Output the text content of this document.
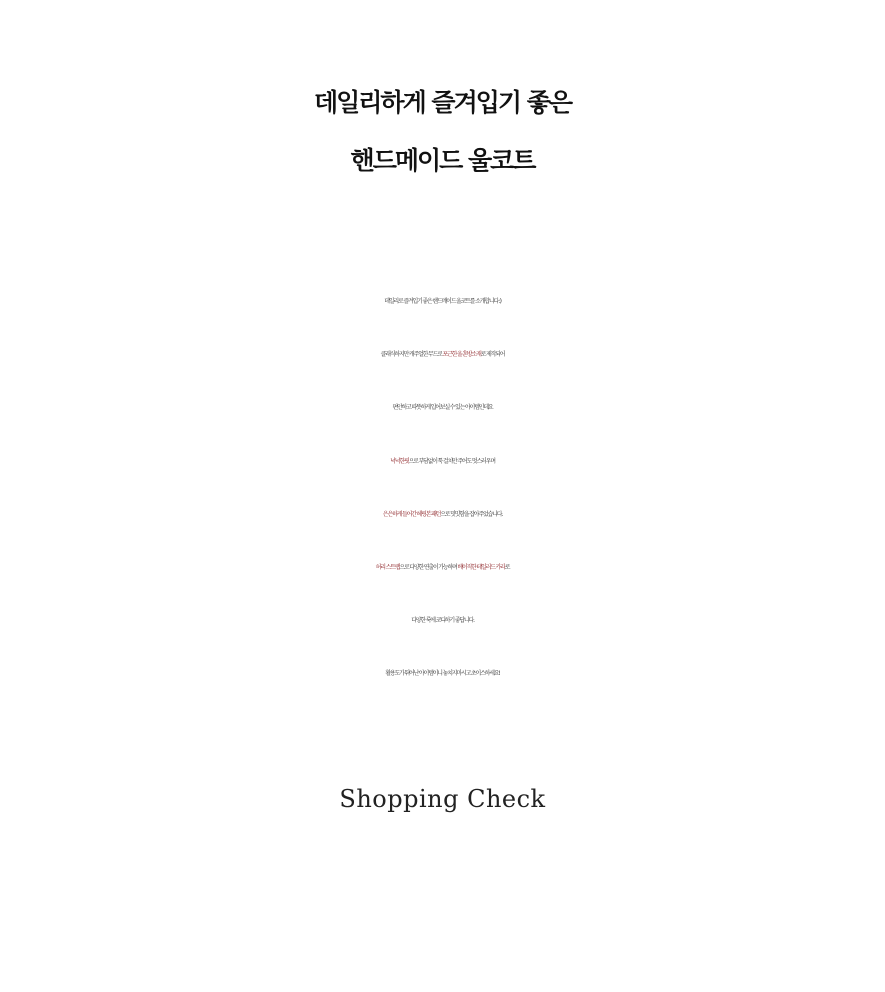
데일리하게 즐겨입기 좋은
핸드메이드 울코트
데일리로 즐겨입기 좋은 핸드메이드 울코트를 소개합니다 :)
클래식하지만 캐주얼한 무드로 포근한 울 혼방소재로 제작되어
편안하고 따뜻하게 입어보실 수 있는 아이템인데요
넉넉한핏으로 부담없이 툭 걸치만 주어도 멋스러우며
은은하게 들어간 헤링본 패턴으로 밋밋함을 잡아주었습니다.
허리 스트랩으로 다양한 연출이 가능하며 베이직한 테일러드 카라로
다양한 룩에 코디하기 좋답니다.
활용도가 뛰어난 아이템이니 놓치지마시고 초이스하세요!
Shopping Check
